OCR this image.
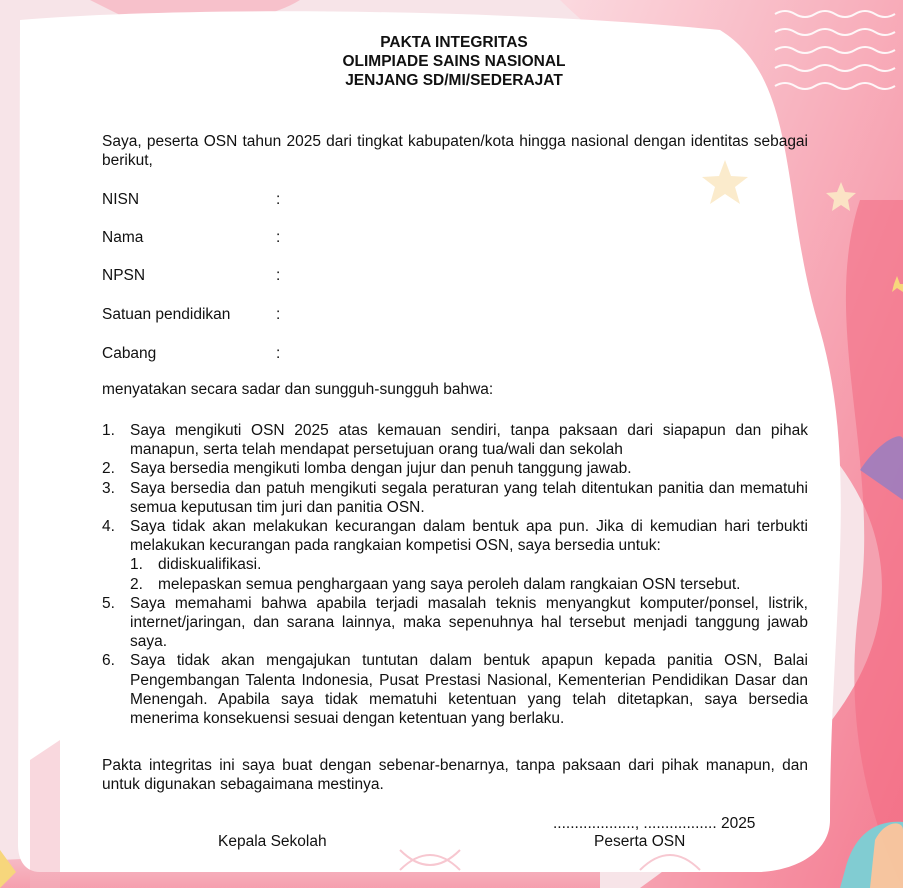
PAKTA INTEGRITAS
OLIMPIADE SAINS NASIONAL
JENJANG SD/MI/SEDERAJAT
Saya, peserta OSN tahun 2025 dari tingkat kabupaten/kota hingga nasional dengan identitas sebagai berikut,
NISN	:
Nama	:
NPSN	:
Satuan pendidikan	:
Cabang	:
menyatakan secara sadar dan sungguh-sungguh bahwa:
1. Saya mengikuti OSN 2025 atas kemauan sendiri, tanpa paksaan dari siapapun dan pihak manapun, serta telah mendapat persetujuan orang tua/wali dan sekolah
2. Saya bersedia mengikuti lomba dengan jujur dan penuh tanggung jawab.
3. Saya bersedia dan patuh mengikuti segala peraturan yang telah ditentukan panitia dan mematuhi semua keputusan tim juri dan panitia OSN.
4. Saya tidak akan melakukan kecurangan dalam bentuk apa pun. Jika di kemudian hari terbukti melakukan kecurangan pada rangkaian kompetisi OSN, saya bersedia untuk:
1. didiskualifikasi.
2. melepaskan semua penghargaan yang saya peroleh dalam rangkaian OSN tersebut.
5. Saya memahami bahwa apabila terjadi masalah teknis menyangkut komputer/ponsel, listrik, internet/jaringan, dan sarana lainnya, maka sepenuhnya hal tersebut menjadi tanggung jawab saya.
6. Saya tidak akan mengajukan tuntutan dalam bentuk apapun kepada panitia OSN, Balai Pengembangan Talenta Indonesia, Pusat Prestasi Nasional, Kementerian Pendidikan Dasar dan Menengah. Apabila saya tidak mematuhi ketentuan yang telah ditetapkan, saya bersedia menerima konsekuensi sesuai dengan ketentuan yang berlaku.
Pakta integritas ini saya buat dengan sebenar-benarnya, tanpa paksaan dari pihak manapun, dan untuk digunakan sebagaimana mestinya.
..................., ................. 2025
Kepala Sekolah	Peserta OSN
